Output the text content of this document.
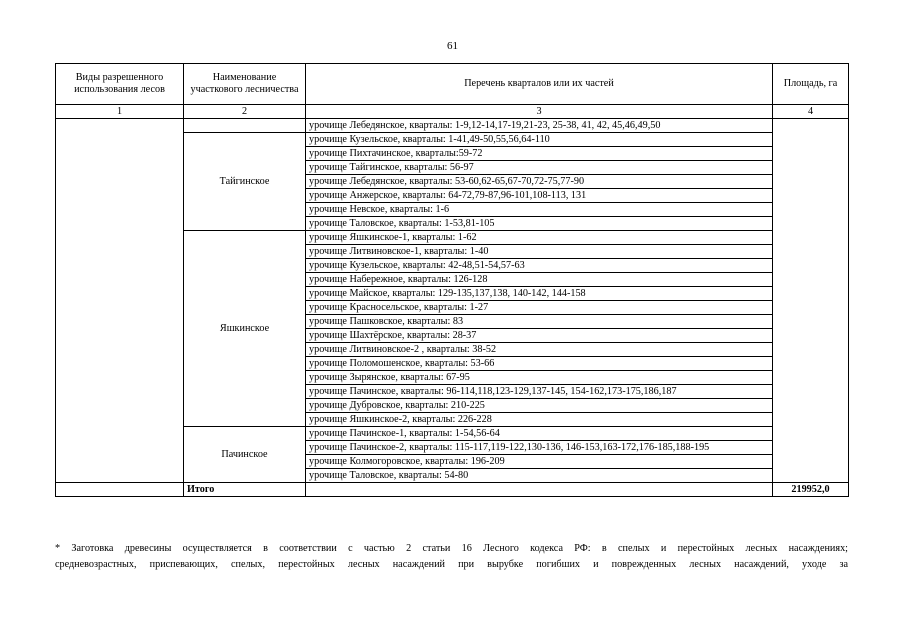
61
Виды разрешенного использования лесов	Наименование участкового лесничества	Перечень кварталов или их частей	Площадь, га
1	2	3	4
		урочище Лебедянское, кварталы: 1-9,12-14,17-19,21-23, 25-38, 41, 42, 45,46,49,50	
	Тайгинское	урочище Кузельское, кварталы: 1-41,49-50,55,56,64-110	
		урочище Пихтачинское, кварталы:59-72	
		урочище Тайгинское, кварталы: 56-97	
		урочище Лебедянское, кварталы: 53-60,62-65,67-70,72-75,77-90	
		урочище Анжерское, кварталы: 64-72,79-87,96-101,108-113, 131	
		урочище Невское, кварталы: 1-6	
		урочище Таловское, кварталы: 1-53,81-105	
	Яшкинское	урочище Яшкинское-1, кварталы: 1-62	
		урочище Литвиновское-1, кварталы: 1-40	
		урочище Кузельское, кварталы: 42-48,51-54,57-63	
		урочище Набережное, кварталы: 126-128	
		урочище Майское, кварталы: 129-135,137,138, 140-142, 144-158	
		урочище Красносельское, кварталы: 1-27	
		урочище Пашковское, кварталы: 83	
		урочище Шахтёрское, кварталы: 28-37	
		урочище Литвиновское-2 , кварталы: 38-52	
		урочище Поломошенское, кварталы: 53-66	
		урочище Зырянское, кварталы: 67-95	
		урочище Пачинское, кварталы: 96-114,118,123-129,137-145, 154-162,173-175,186,187	
		урочище Дубровское, кварталы: 210-225	
		урочище Яшкинское-2, кварталы: 226-228	
	Пачинское	урочище Пачинское-1, кварталы: 1-54,56-64	
		урочище Пачинское-2, кварталы: 115-117,119-122,130-136, 146-153,163-172,176-185,188-195	
		урочище Колмогоровское, кварталы: 196-209	
		урочище Таловское, кварталы: 54-80	
	Итого		219952,0
* Заготовка древесины осуществляется в соответствии с частью 2 статьи 16 Лесного кодекса РФ: в спелых и перестойных лесных насаждениях;
средневозрастных, приспевающих, спелых, перестойных лесных насаждений при вырубке погибших и поврежденных лесных насаждений, уходе за
